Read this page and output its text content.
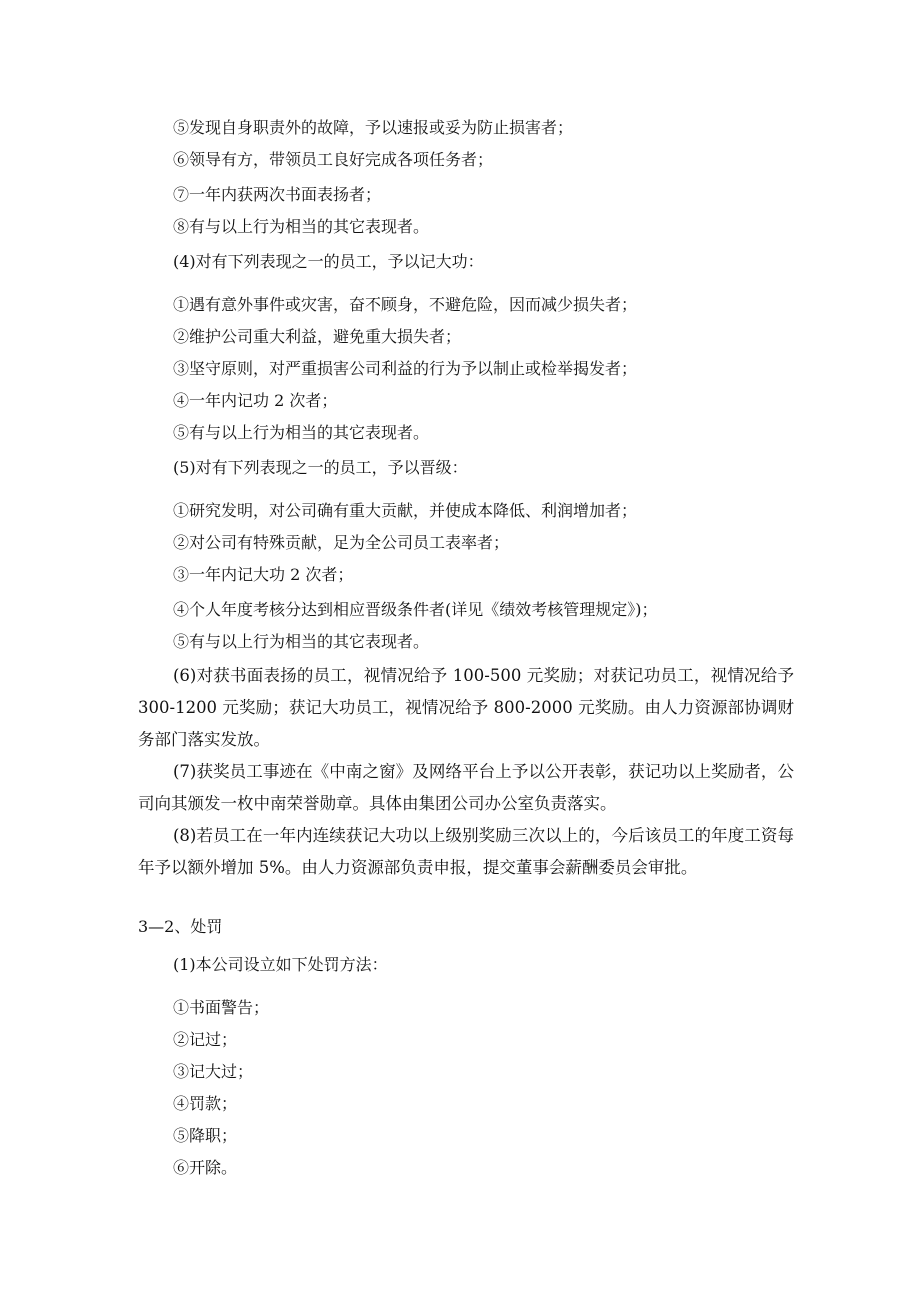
⑤发现自身职责外的故障，予以速报或妥为防止损害者；
⑥领导有方，带领员工良好完成各项任务者；
⑦一年内获两次书面表扬者；
⑧有与以上行为相当的其它表现者。
(4)对有下列表现之一的员工，予以记大功：
①遇有意外事件或灾害，奋不顾身，不避危险，因而减少损失者；
②维护公司重大利益，避免重大损失者；
③坚守原则，对严重损害公司利益的行为予以制止或检举揭发者；
④一年内记功 2 次者；
⑤有与以上行为相当的其它表现者。
(5)对有下列表现之一的员工，予以晋级：
①研究发明，对公司确有重大贡献，并使成本降低、利润增加者；
②对公司有特殊贡献，足为全公司员工表率者；
③一年内记大功 2 次者；
④个人年度考核分达到相应晋级条件者(详见《绩效考核管理规定》)；
⑤有与以上行为相当的其它表现者。
(6)对获书面表扬的员工，视情况给予 100-500 元奖励；对获记功员工，视情况给予 300-1200 元奖励；获记大功员工，视情况给予 800-2000 元奖励。由人力资源部协调财务部门落实发放。
(7)获奖员工事迹在《中南之窗》及网络平台上予以公开表彰，获记功以上奖励者，公司向其颁发一枚中南荣誉勋章。具体由集团公司办公室负责落实。
(8)若员工在一年内连续获记大功以上级别奖励三次以上的，今后该员工的年度工资每年予以额外增加 5%。由人力资源部负责申报，提交董事会薪酬委员会审批。
3—2、处罚
(1)本公司设立如下处罚方法：
①书面警告；
②记过；
③记大过；
④罚款；
⑤降职；
⑥开除。
